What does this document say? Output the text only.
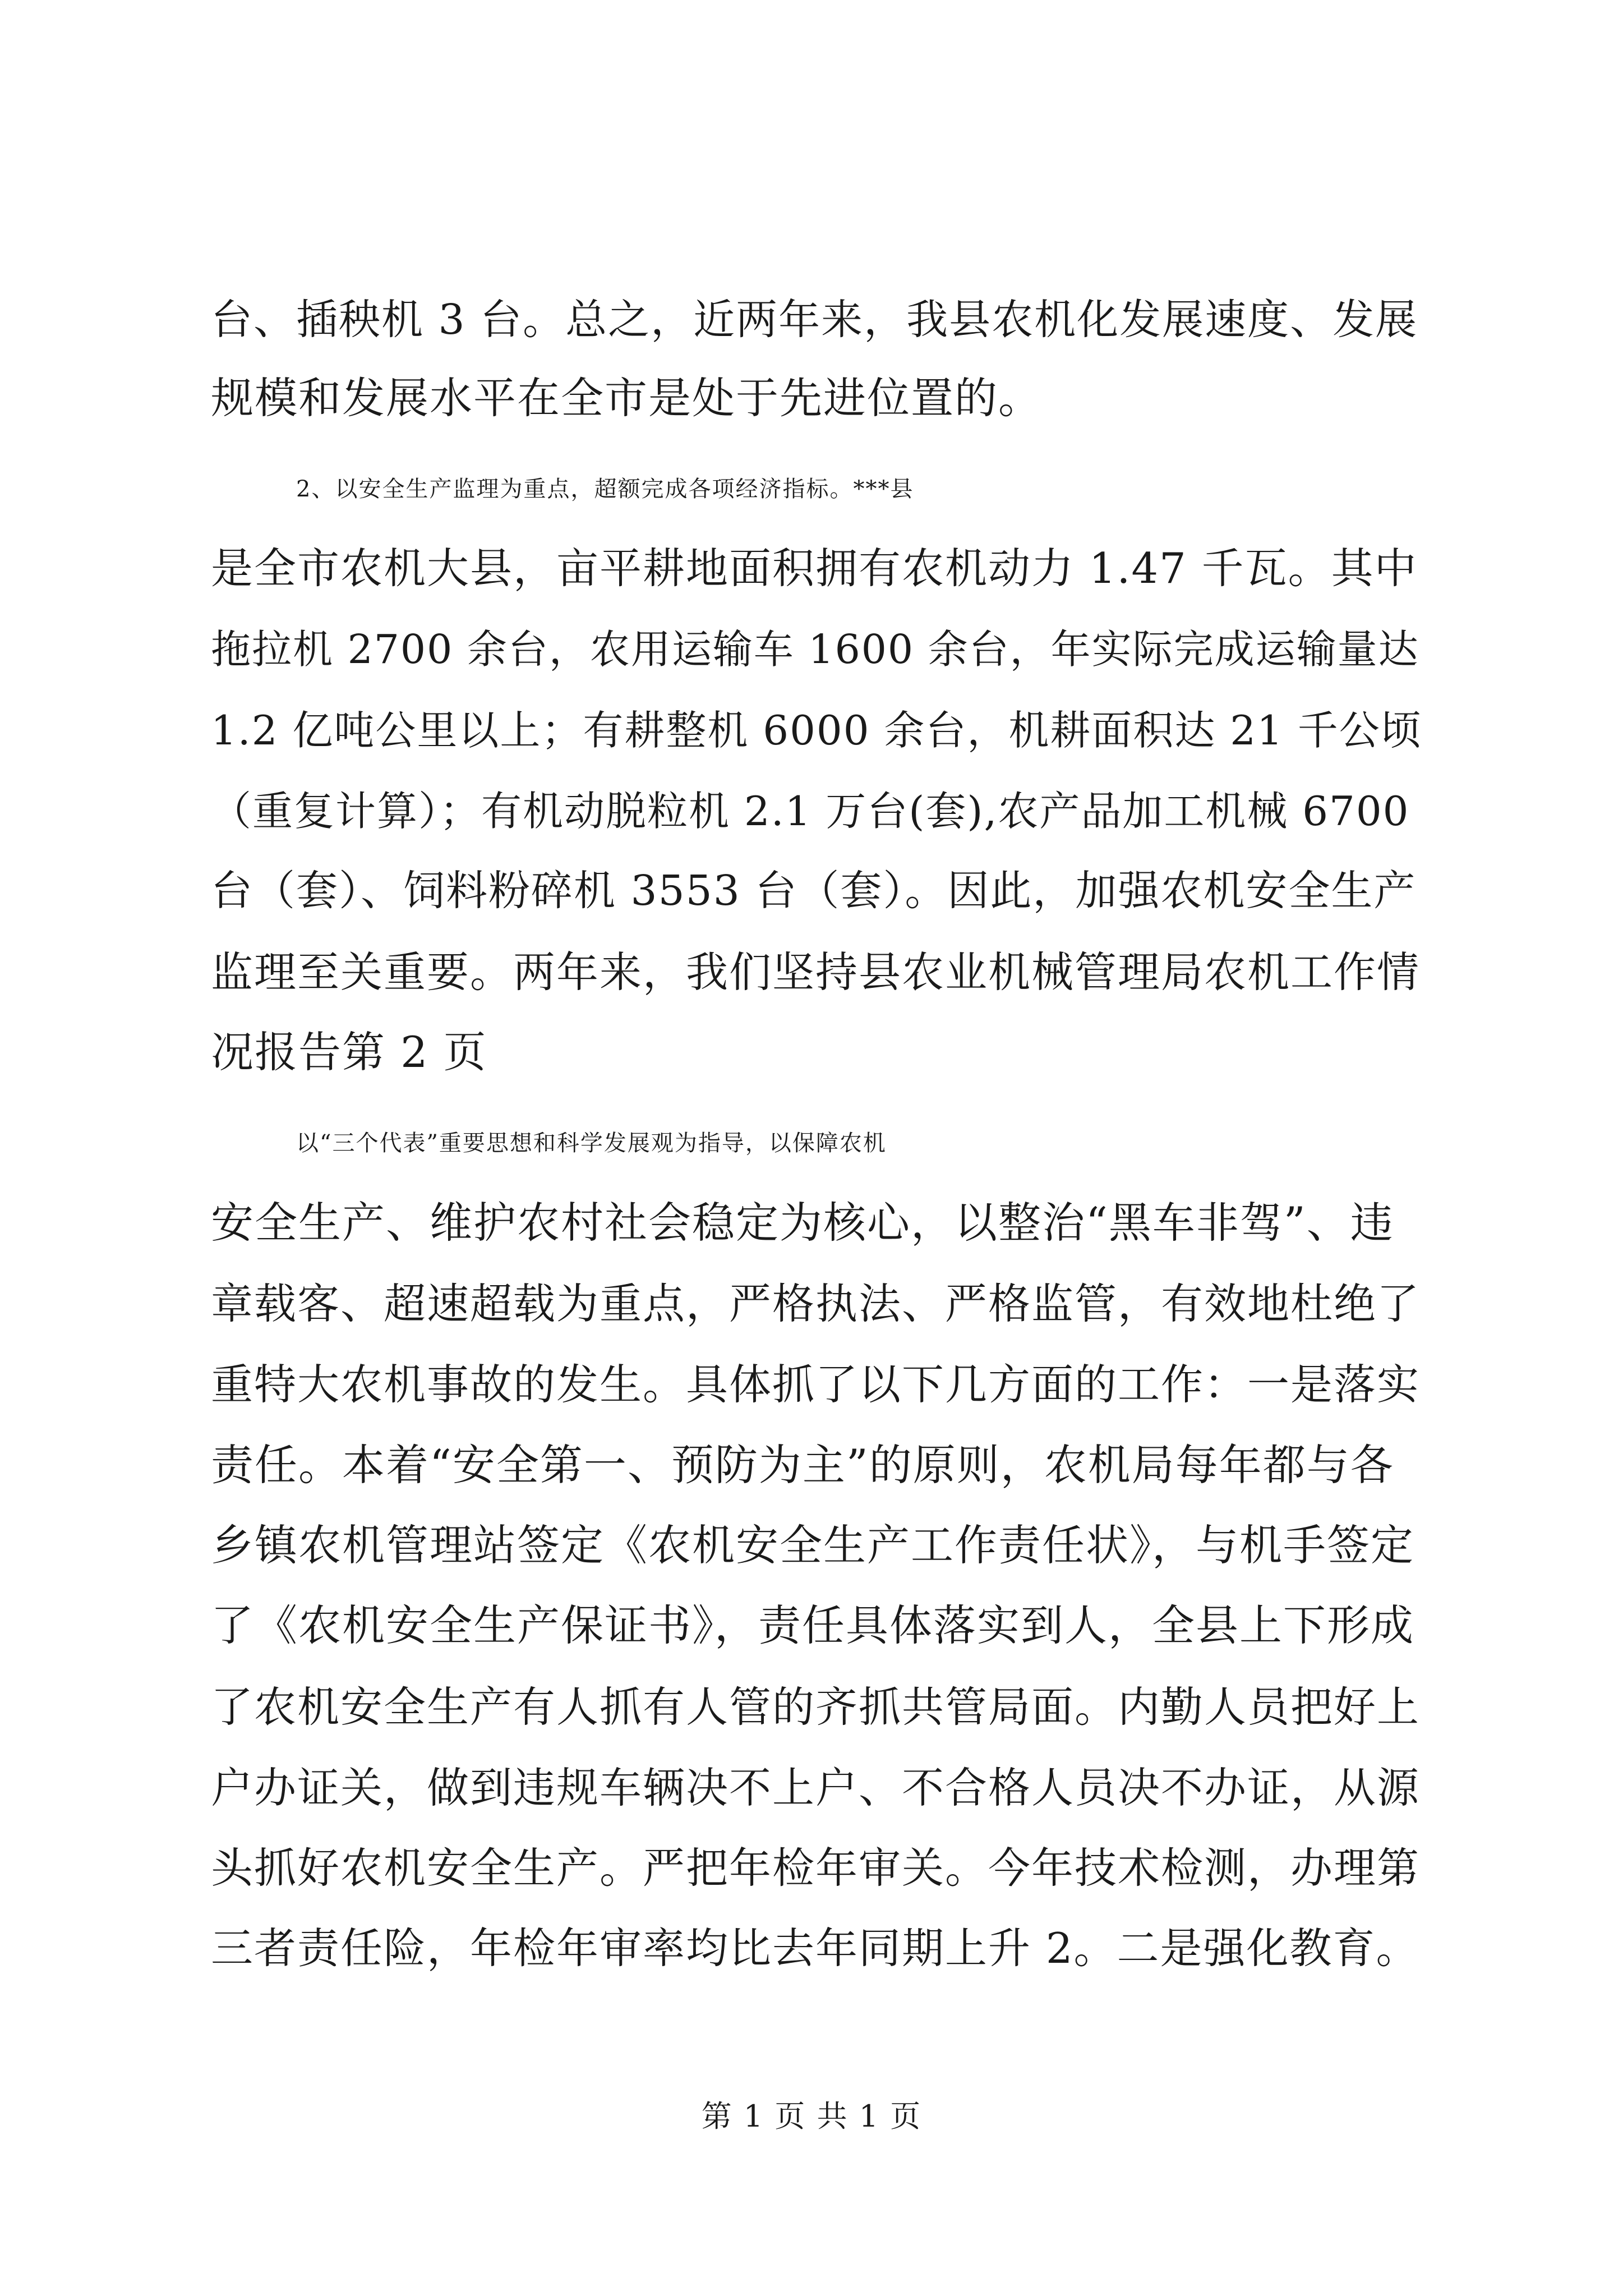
台、插秧机 3 台。总之，近两年来，我县农机化发展速度、发展
规模和发展水平在全市是处于先进位置的。
2、以安全生产监理为重点，超额完成各项经济指标。***县
是全市农机大县，亩平耕地面积拥有农机动力 1.47 千瓦。其中
拖拉机 2700 余台，农用运输车 1600 余台，年实际完成运输量达
1.2 亿吨公里以上；有耕整机 6000 余台，机耕面积达 21 千公顷
（重复计算）；有机动脱粒机 2.1 万台(套),农产品加工机械 6700
台（套）、饲料粉碎机 3553 台（套）。因此，加强农机安全生产
监理至关重要。两年来，我们坚持县农业机械管理局农机工作情
况报告第 2 页
以“三个代表”重要思想和科学发展观为指导，以保障农机
安全生产、维护农村社会稳定为核心，以整治“黑车非驾”、违
章载客、超速超载为重点，严格执法、严格监管，有效地杜绝了
重特大农机事故的发生。具体抓了以下几方面的工作：一是落实
责任。本着“安全第一、预防为主”的原则，农机局每年都与各
乡镇农机管理站签定《农机安全生产工作责任状》，与机手签定
了《农机安全生产保证书》，责任具体落实到人，全县上下形成
了农机安全生产有人抓有人管的齐抓共管局面。内勤人员把好上
户办证关，做到违规车辆决不上户、不合格人员决不办证，从源
头抓好农机安全生产。严把年检年审关。今年技术检测，办理第
三者责任险，年检年审率均比去年同期上升 2。二是强化教育。
第 1 页 共 1 页
